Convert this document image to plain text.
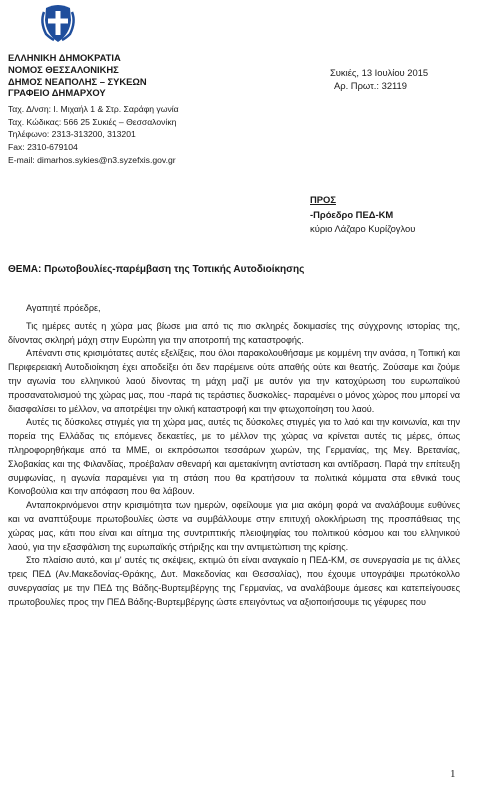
ΕΛΛΗΝΙΚΗ ΔΗΜΟΚΡΑΤΙΑ
ΝΟΜΟΣ ΘΕΣΣΑΛΟΝΙΚΗΣ
ΔΗΜΟΣ ΝΕΑΠΟΛΗΣ – ΣΥΚΕΩΝ
ΓΡΑΦΕΙΟ ΔΗΜΑΡΧΟΥ
Ταχ. Δ/νση: Ι. Μιχαήλ 1 & Στρ. Σαράφη γωνία
Ταχ. Κώδικας: 566 25 Συκιές – Θεσσαλονίκη
Τηλέφωνο: 2313-313200, 313201
Fax: 2310-679104
E-mail: dimarhos.sykies@n3.syzefxis.gov.gr
Συκιές, 13 Ιουλίου 2015
Αρ. Πρωτ.: 32119
ΠΡΟΣ
-Πρόεδρο ΠΕΔ-ΚΜ
κύριο Λάζαρο Κυρίζογλου
ΘΕΜΑ: Πρωτοβουλίες-παρέμβαση της Τοπικής Αυτοδιοίκησης

Αγαπητέ πρόεδρε,

Τις ημέρες αυτές η χώρα μας βίωσε μια από τις πιο σκληρές δοκιμασίες της σύγχρονης ιστορίας της, δίνοντας σκληρή μάχη στην Ευρώπη για την αποτροπή της καταστροφής.

Απέναντι στις κρισιμότατες αυτές εξελίξεις, που όλοι παρακολουθήσαμε με κομμένη την ανάσα, η Τοπική και Περιφερειακή Αυτοδιοίκηση έχει αποδείξει ότι δεν παρέμεινε ούτε απαθής ούτε και θεατής. Ζούσαμε και ζούμε την αγωνία του ελληνικού λαού δίνοντας τη μάχη μαζί με αυτόν για την κατοχύρωση του ευρωπαϊκού προσανατολισμού της χώρας μας, που -παρά τις τεράστιες δυσκολίες- παραμένει ο μόνος χώρος που μπορεί να διασφαλίσει το μέλλον, να αποτρέψει την ολική καταστροφή και την φτωχοποίηση του λαού.

Αυτές τις δύσκολες στιγμές για τη χώρα μας, αυτές τις δύσκολες στιγμές για το λαό και την κοινωνία, και την πορεία της Ελλάδας τις επόμενες δεκαετίες, με το μέλλον της χώρας να κρίνεται αυτές τις μέρες, όπως πληροφορηθήκαμε από τα ΜΜΕ, οι εκπρόσωποι τεσσάρων χωρών, της Γερμανίας, της Μεγ. Βρετανίας, Σλοβακίας και της Φιλανδίας, προέβαλαν σθεναρή και αμετακίνητη αντίσταση και αντίδραση. Παρά την επίτευξη συμφωνίας, η αγωνία παραμένει για τη στάση που θα κρατήσουν τα πολιτικά κόμματα στα εθνικά τους Κοινοβούλια και την απόφαση που θα λάβουν.

Ανταποκρινόμενοι στην κρισιμότητα των ημερών, οφείλουμε για μια ακόμη φορά να αναλάβουμε ευθύνες και να αναπτύξουμε πρωτοβουλίες ώστε να συμβάλλουμε στην επιτυχή ολοκλήρωση της προσπάθειας της χώρας μας, κάτι που είναι και αίτημα της συντριπτικής πλειοψηφίας του πολιτικού κόσμου και του ελληνικού λαού, για την εξασφάλιση της ευρωπαϊκής στήριξης και την αντιμετώπιση της κρίσης.

Στο πλαίσιο αυτό, και μ' αυτές τις σκέψεις, εκτιμώ ότι είναι αναγκαίο η ΠΕΔ-ΚΜ, σε συνεργασία με τις άλλες τρεις ΠΕΔ (Αν.Μακεδονίας-Θράκης, Δυτ. Μακεδονίας και Θεσσαλίας), που έχουμε υπογράψει πρωτόκολλο συνεργασίας με την ΠΕΔ της Βάδης-Βυρτεμβέργης της Γερμανίας, να αναλάβουμε άμεσες και κατεπείγουσες πρωτοβουλίες προς την ΠΕΔ Βάδης-Βυρτεμβέργης ώστε επειγόντως να αξιοποιήσουμε τις γέφυρες που

1
